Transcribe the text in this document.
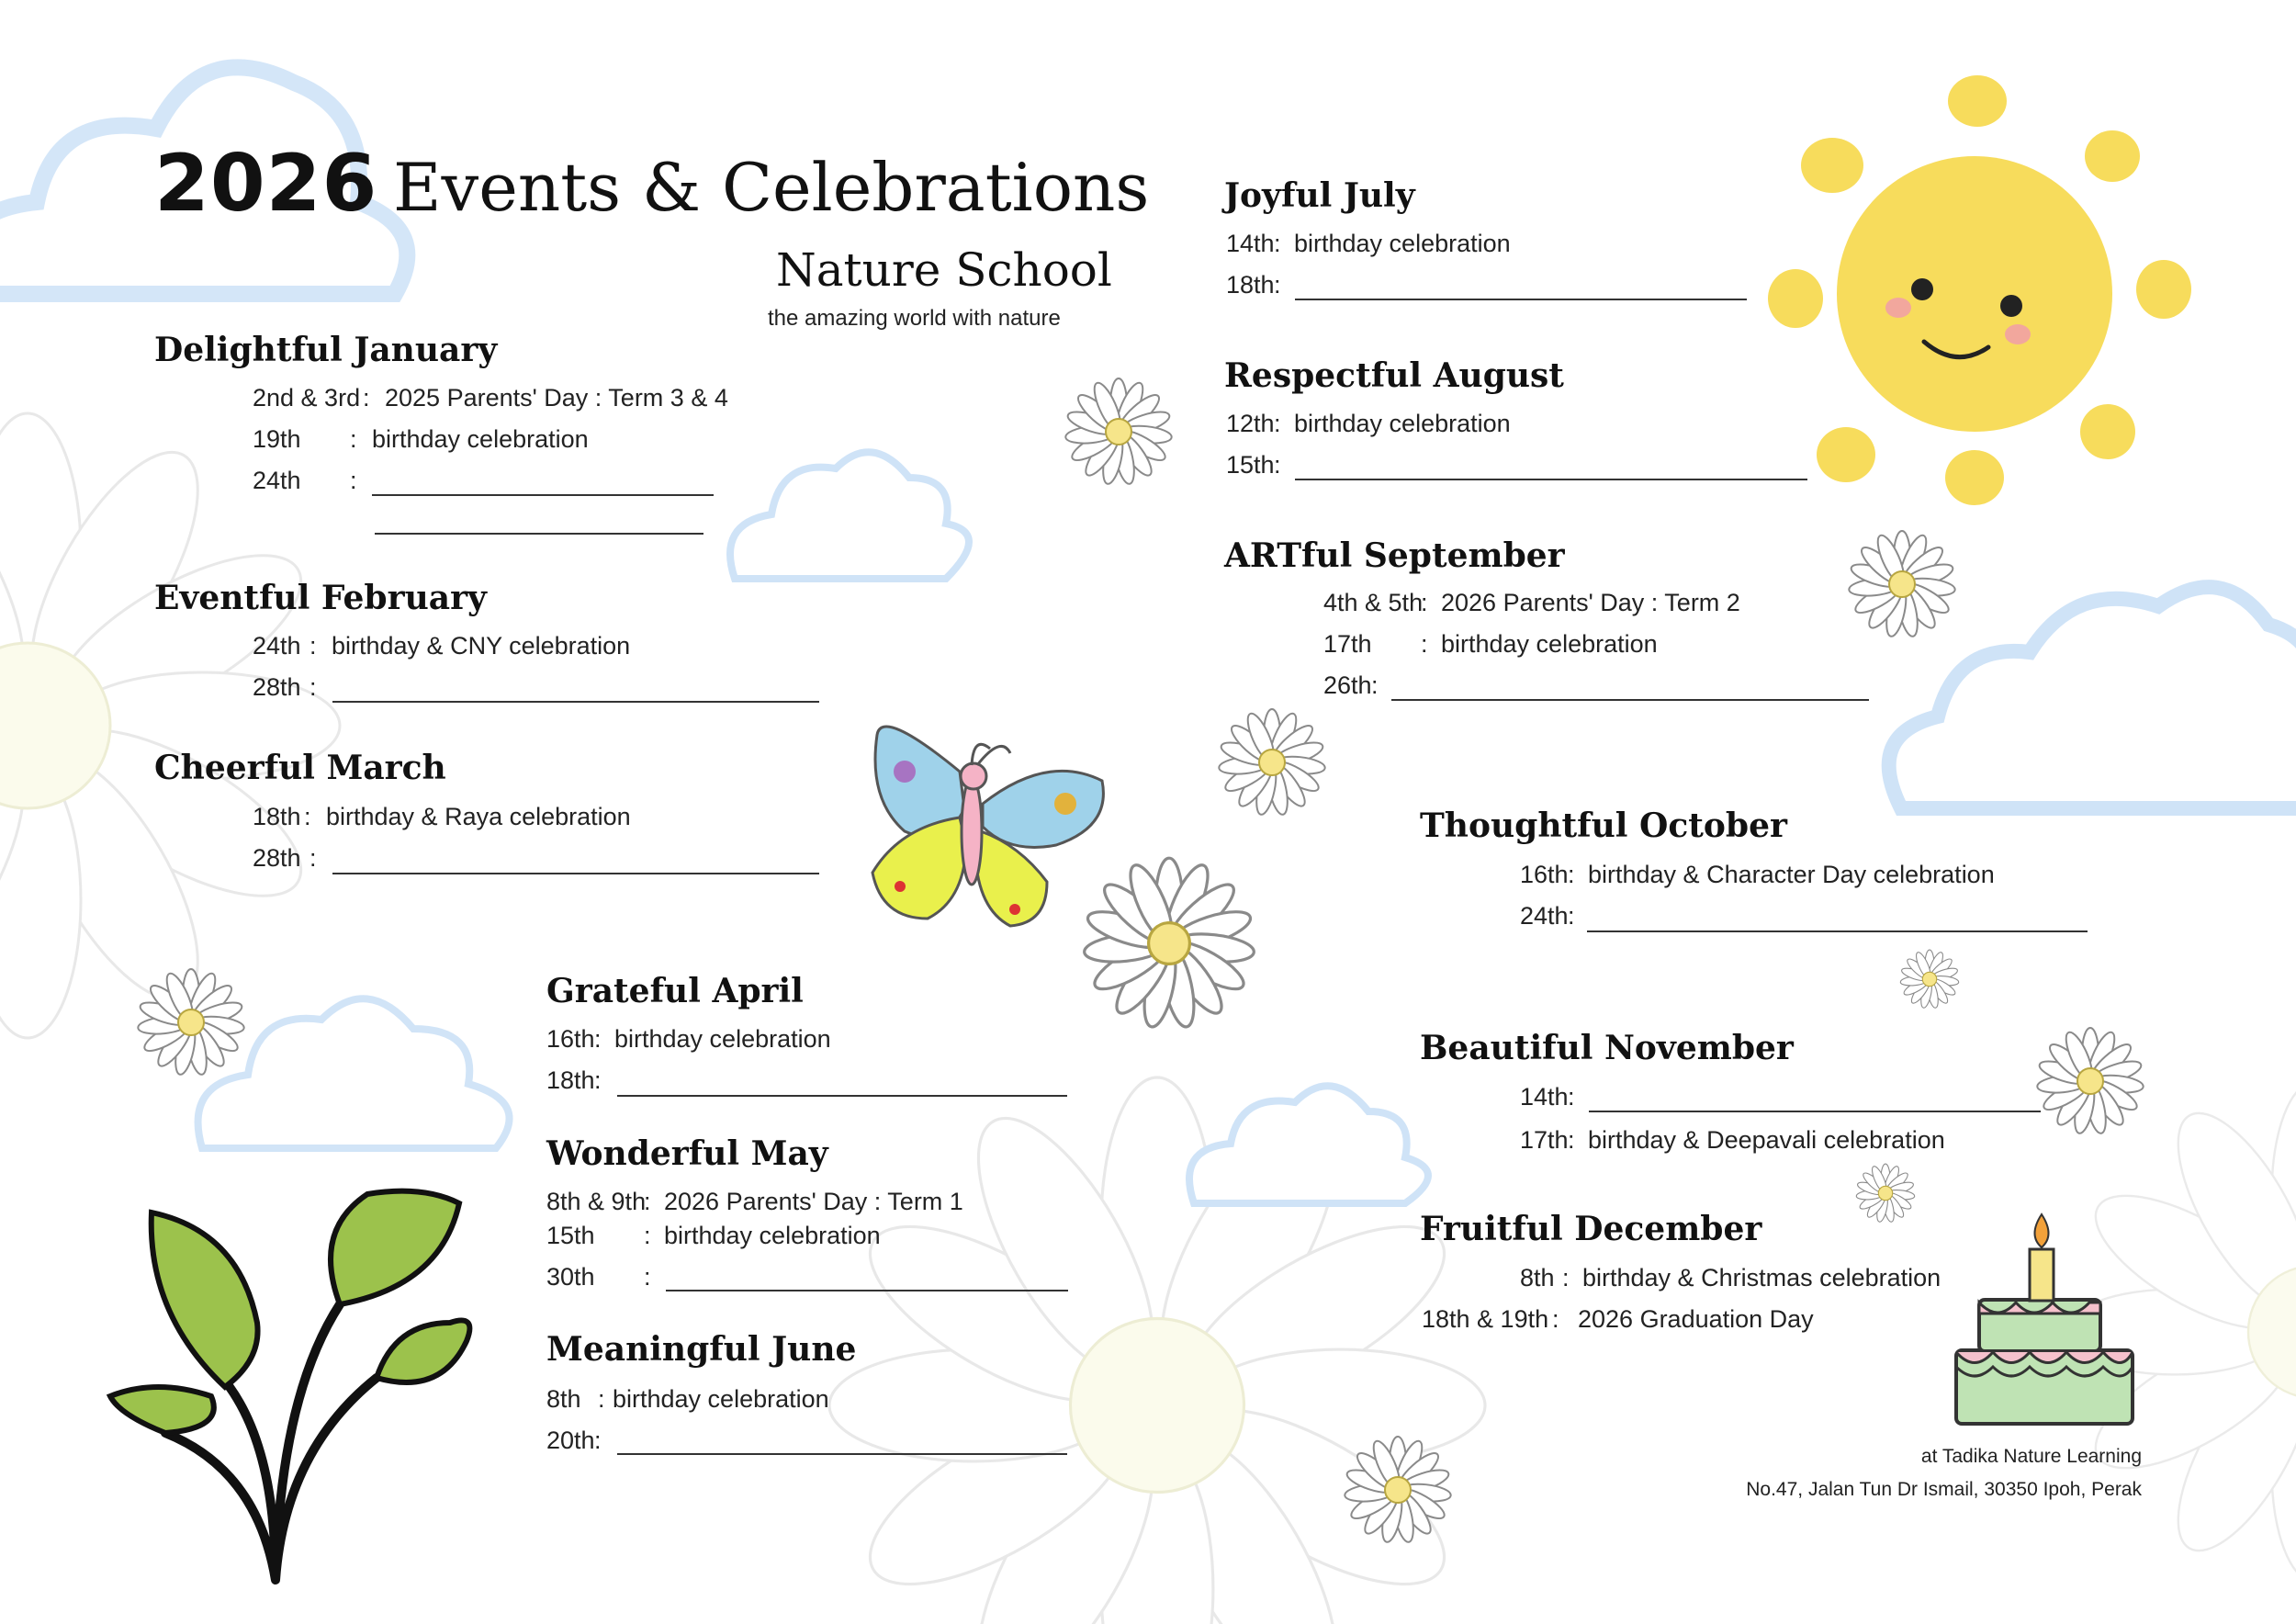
2026 Events & Celebrations
Nature School
the amazing world with nature
Delightful January
2nd & 3rd : 2025 Parents' Day : Term 3 & 4
19th : birthday celebration
24th :
Eventful February
24th : birthday & CNY celebration
28th :
Cheerful March
18th : birthday & Raya celebration
28th :
Grateful April
16th: birthday celebration
18th:
Wonderful May
8th & 9th: 2026 Parents' Day : Term 1
15th : birthday celebration
30th :
Meaningful June
8th : birthday celebration
20th:
Joyful July
14th: birthday celebration
18th:
Respectful August
12th: birthday celebration
15th:
ARTful September
4th & 5th: 2026 Parents' Day : Term 2
17th : birthday celebration
26th:
Thoughtful October
16th: birthday & Character Day celebration
24th:
Beautiful November
14th:
17th: birthday & Deepavali celebration
Fruitful December
8th : birthday & Christmas celebration
18th & 19th : 2026 Graduation Day
at Tadika Nature Learning
No.47, Jalan Tun Dr Ismail, 30350 Ipoh, Perak
